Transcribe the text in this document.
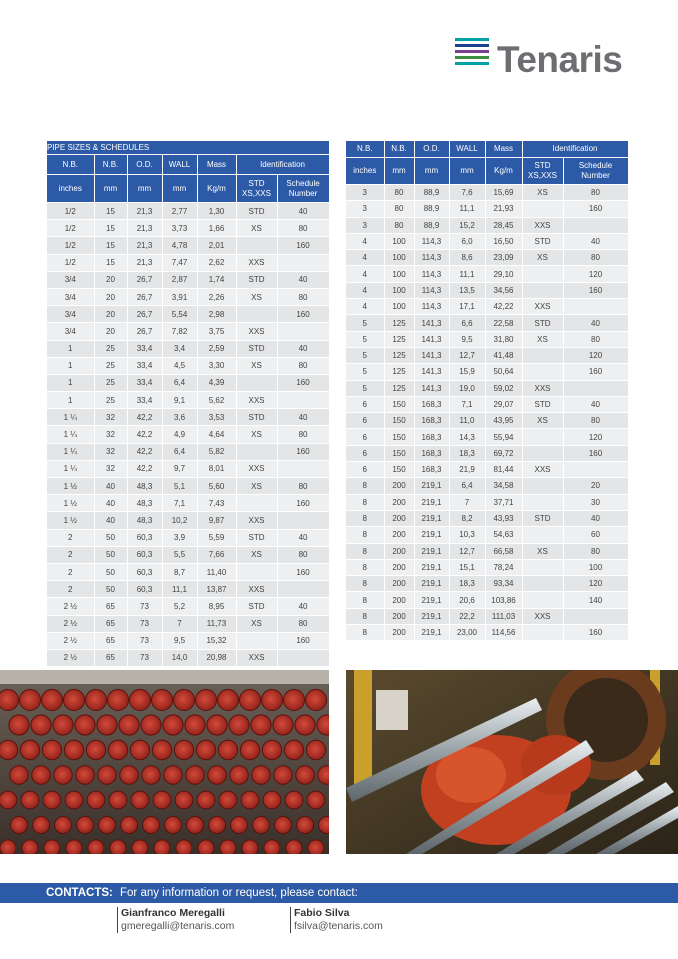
Tenaris
PIPE SIZES & SCHEDULES						
N.B.	N.B.	O.D.	WALL	Mass	Identification	
inches	mm	mm	mm	Kg/m	STD XS,XXS	Schedule Number
1/2	15	21,3	2,77	1,30	STD	40
1/2	15	21,3	3,73	1,66	XS	80
1/2	15	21,3	4,78	2,01		160
1/2	15	21,3	7,47	2,62	XXS	
3/4	20	26,7	2,87	1,74	STD	40
3/4	20	26,7	3,91	2,26	XS	80
3/4	20	26,7	5,54	2,98		160
3/4	20	26,7	7,82	3,75	XXS	
1	25	33,4	3,4	2,59	STD	40
1	25	33,4	4,5	3,30	XS	80
1	25	33,4	6,4	4,39		160
1	25	33,4	9,1	5,62	XXS	
1 ¼	32	42,2	3,6	3,53	STD	40
1 ¼	32	42,2	4,9	4,64	XS	80
1 ¼	32	42,2	6,4	5,82		160
1 ¼	32	42,2	9,7	8,01	XXS	
1 ½	40	48,3	5,1	5,60	XS	80
1 ½	40	48,3	7,1	7,43		160
1 ½	40	48,3	10,2	9,87	XXS	
2	50	60,3	3,9	5,59	STD	40
2	50	60,3	5,5	7,66	XS	80
2	50	60,3	8,7	11,40		160
2	50	60,3	11,1	13,87	XXS	
2 ½	65	73	5,2	8,95	STD	40
2 ½	65	73	7	11,73	XS	80
2 ½	65	73	9,5	15,32		160
2 ½	65	73	14,0	20,98	XXS	
N.B.	N.B.	O.D.	WALL	Mass	Identification	
inches	mm	mm	mm	Kg/m	STD XS,XXS	Schedule Number
3	80	88,9	7,6	15,69	XS	80
3	80	88,9	11,1	21,93		160
3	80	88,9	15,2	28,45	XXS	
4	100	114,3	6,0	16,50	STD	40
4	100	114,3	8,6	23,09	XS	80
4	100	114,3	11,1	29,10		120
4	100	114,3	13,5	34,56		160
4	100	114,3	17,1	42,22	XXS	
5	125	141,3	6,6	22,58	STD	40
5	125	141,3	9,5	31,80	XS	80
5	125	141,3	12,7	41,48		120
5	125	141,3	15,9	50,64		160
5	125	141,3	19,0	59,02	XXS	
6	150	168,3	7,1	29,07	STD	40
6	150	168,3	11,0	43,95	XS	80
6	150	168,3	14,3	55,94		120
6	150	168,3	18,3	69,72		160
6	150	168,3	21,9	81,44	XXS	
8	200	219,1	6,4	34,58		20
8	200	219,1	7	37,71		30
8	200	219,1	8,2	43,93	STD	40
8	200	219,1	10,3	54,63		60
8	200	219,1	12,7	66,58	XS	80
8	200	219,1	15,1	78,24		100
8	200	219,1	18,3	93,34		120
8	200	219,1	20,6	103,86		140
8	200	219,1	22,2	111,03	XXS	
8	200	219,1	23,00	114,56		160
CONTACTS: For any information or request, please contact:
Gianfranco Meregalli
gmeregalli@tenaris.com
Fabio Silva
fsilva@tenaris.com
